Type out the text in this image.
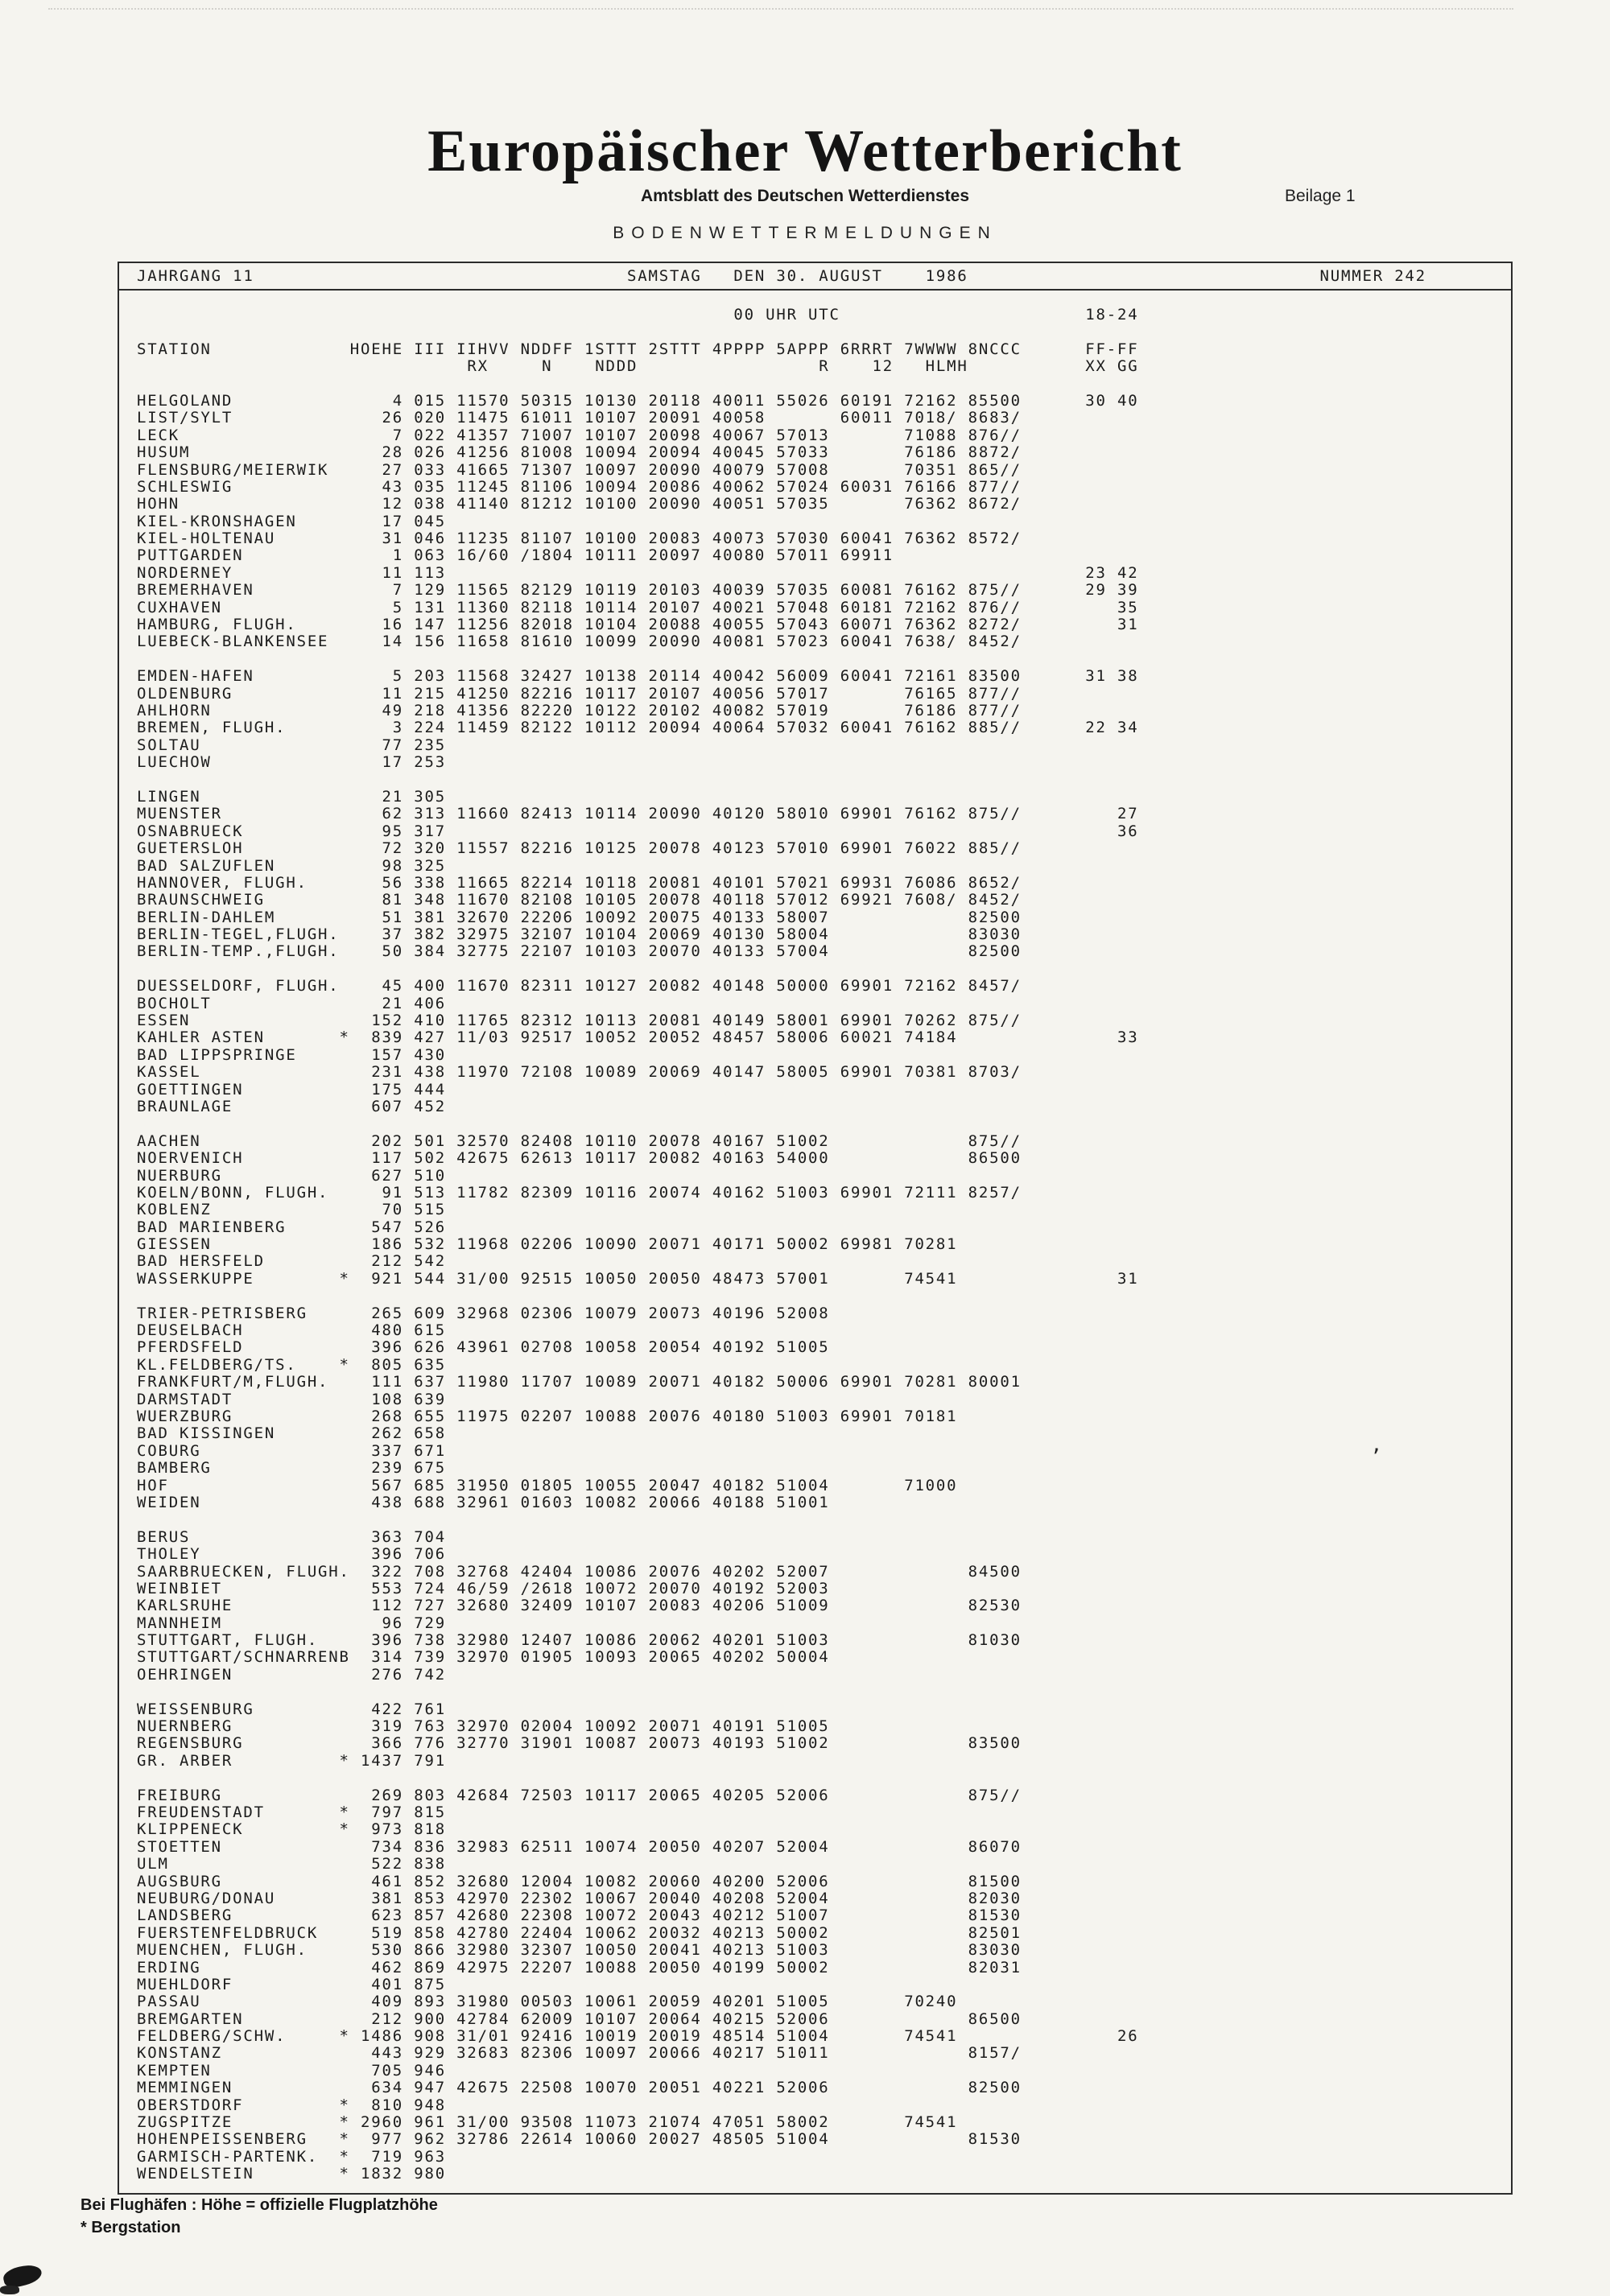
Europäischer Wetterbericht
Amtsblatt des Deutschen Wetterdienstes	Beilage 1
BODENWETTERMELDUNGEN
JAHRGANG 11                                   SAMSTAG   DEN 30. AUGUST    1986                                 NUMMER 242
00 UHR UTC                       18-24
STATION             HOEHE III IIHVV NDDFF 1STTT 2STTT 4PPPP 5APPP 6RRRT 7WWWW 8NCCC      FF-FF
RX     N    NDDD                 R    12   HLMH           XX GG
HELGOLAND               4 015 11570 50315 10130 20118 40011 55026 60191 72162 85500      30 40
LIST/SYLT              26 020 11475 61011 10107 20091 40058       60011 7018/ 8683/
LECK                    7 022 41357 71007 10107 20098 40067 57013       71088 876//
HUSUM                  28 026 41256 81008 10094 20094 40045 57033       76186 8872/
FLENSBURG/MEIERWIK     27 033 41665 71307 10097 20090 40079 57008       70351 865//
SCHLESWIG              43 035 11245 81106 10094 20086 40062 57024 60031 76166 877//
HOHN                   12 038 41140 81212 10100 20090 40051 57035       76362 8672/
KIEL-KRONSHAGEN        17 045
KIEL-HOLTENAU          31 046 11235 81107 10100 20083 40073 57030 60041 76362 8572/
PUTTGARDEN              1 063 16/60 /1804 10111 20097 40080 57011 69911
NORDERNEY              11 113                                                            23 42
BREMERHAVEN             7 129 11565 82129 10119 20103 40039 57035 60081 76162 875//      29 39
CUXHAVEN                5 131 11360 82118 10114 20107 40021 57048 60181 72162 876//         35
HAMBURG, FLUGH.        16 147 11256 82018 10104 20088 40055 57043 60071 76362 8272/         31
LUEBECK-BLANKENSEE     14 156 11658 81610 10099 20090 40081 57023 60041 7638/ 8452/
EMDEN-HAFEN             5 203 11568 32427 10138 20114 40042 56009 60041 72161 83500      31 38
OLDENBURG              11 215 41250 82216 10117 20107 40056 57017       76165 877//
AHLHORN                49 218 41356 82220 10122 20102 40082 57019       76186 877//
BREMEN, FLUGH.          3 224 11459 82122 10112 20094 40064 57032 60041 76162 885//      22 34
SOLTAU                 77 235
LUECHOW                17 253
LINGEN                 21 305
MUENSTER               62 313 11660 82413 10114 20090 40120 58010 69901 76162 875//         27
OSNABRUECK             95 317                                                               36
GUETERSLOH             72 320 11557 82216 10125 20078 40123 57010 69901 76022 885//
BAD SALZUFLEN          98 325
HANNOVER, FLUGH.       56 338 11665 82214 10118 20081 40101 57021 69931 76086 8652/
BRAUNSCHWEIG           81 348 11670 82108 10105 20078 40118 57012 69921 7608/ 8452/
BERLIN-DAHLEM          51 381 32670 22206 10092 20075 40133 58007             82500
BERLIN-TEGEL,FLUGH.    37 382 32975 32107 10104 20069 40130 58004             83030
BERLIN-TEMP.,FLUGH.    50 384 32775 22107 10103 20070 40133 57004             82500
DUESSELDORF, FLUGH.    45 400 11670 82311 10127 20082 40148 50000 69901 72162 8457/
BOCHOLT                21 406
ESSEN                 152 410 11765 82312 10113 20081 40149 58001 69901 70262 875//
KAHLER ASTEN       *  839 427 11/03 92517 10052 20052 48457 58006 60021 74184               33
BAD LIPPSPRINGE       157 430
KASSEL                231 438 11970 72108 10089 20069 40147 58005 69901 70381 8703/
GOETTINGEN            175 444
BRAUNLAGE             607 452
AACHEN                202 501 32570 82408 10110 20078 40167 51002             875//
NOERVENICH            117 502 42675 62613 10117 20082 40163 54000             86500
NUERBURG              627 510
KOELN/BONN, FLUGH.     91 513 11782 82309 10116 20074 40162 51003 69901 72111 8257/
KOBLENZ                70 515
BAD MARIENBERG        547 526
GIESSEN               186 532 11968 02206 10090 20071 40171 50002 69981 70281
BAD HERSFELD          212 542
WASSERKUPPE        *  921 544 31/00 92515 10050 20050 48473 57001       74541               31
TRIER-PETRISBERG      265 609 32968 02306 10079 20073 40196 52008
DEUSELBACH            480 615
PFERDSFELD            396 626 43961 02708 10058 20054 40192 51005
KL.FELDBERG/TS.    *  805 635
FRANKFURT/M,FLUGH.    111 637 11980 11707 10089 20071 40182 50006 69901 70281 80001
DARMSTADT             108 639
WUERZBURG             268 655 11975 02207 10088 20076 40180 51003 69901 70181
BAD KISSINGEN         262 658
COBURG                337 671
BAMBERG               239 675
HOF                   567 685 31950 01805 10055 20047 40182 51004       71000
WEIDEN                438 688 32961 01603 10082 20066 40188 51001
BERUS                 363 704
THOLEY                396 706
SAARBRUECKEN, FLUGH.  322 708 32768 42404 10086 20076 40202 52007             84500
WEINBIET              553 724 46/59 /2618 10072 20070 40192 52003
KARLSRUHE             112 727 32680 32409 10107 20083 40206 51009             82530
MANNHEIM               96 729
STUTTGART, FLUGH.     396 738 32980 12407 10086 20062 40201 51003             81030
STUTTGART/SCHNARRENB  314 739 32970 01905 10093 20065 40202 50004
OEHRINGEN             276 742
WEISSENBURG           422 761
NUERNBERG             319 763 32970 02004 10092 20071 40191 51005
REGENSBURG            366 776 32770 31901 10087 20073 40193 51002             83500
GR. ARBER          * 1437 791
FREIBURG              269 803 42684 72503 10117 20065 40205 52006             875//
FREUDENSTADT       *  797 815
KLIPPENECK         *  973 818
STOETTEN              734 836 32983 62511 10074 20050 40207 52004             86070
ULM                   522 838
AUGSBURG              461 852 32680 12004 10082 20060 40200 52006             81500
NEUBURG/DONAU         381 853 42970 22302 10067 20040 40208 52004             82030
LANDSBERG             623 857 42680 22308 10072 20043 40212 51007             81530
FUERSTENFELDBRUCK     519 858 42780 22404 10062 20032 40213 50002             82501
MUENCHEN, FLUGH.      530 866 32980 32307 10050 20041 40213 51003             83030
ERDING                462 869 42975 22207 10088 20050 40199 50002             82031
MUEHLDORF             401 875
PASSAU                409 893 31980 00503 10061 20059 40201 51005       70240
BREMGARTEN            212 900 42784 62009 10107 20064 40215 52006             86500
FELDBERG/SCHW.     * 1486 908 31/01 92416 10019 20019 48514 51004       74541               26
KONSTANZ              443 929 32683 82306 10097 20066 40217 51011             8157/
KEMPTEN               705 946
MEMMINGEN             634 947 42675 22508 10070 20051 40221 52006             82500
OBERSTDORF         *  810 948
ZUGSPITZE          * 2960 961 31/00 93508 11073 21074 47051 58002       74541
HOHENPEISSENBERG   *  977 962 32786 22614 10060 20027 48505 51004             81530
GARMISCH-PARTENK.  *  719 963
WENDELSTEIN        * 1832 980
Bei Flughäfen : Höhe = offizielle Flugplatzhöhe
* Bergstation
’
